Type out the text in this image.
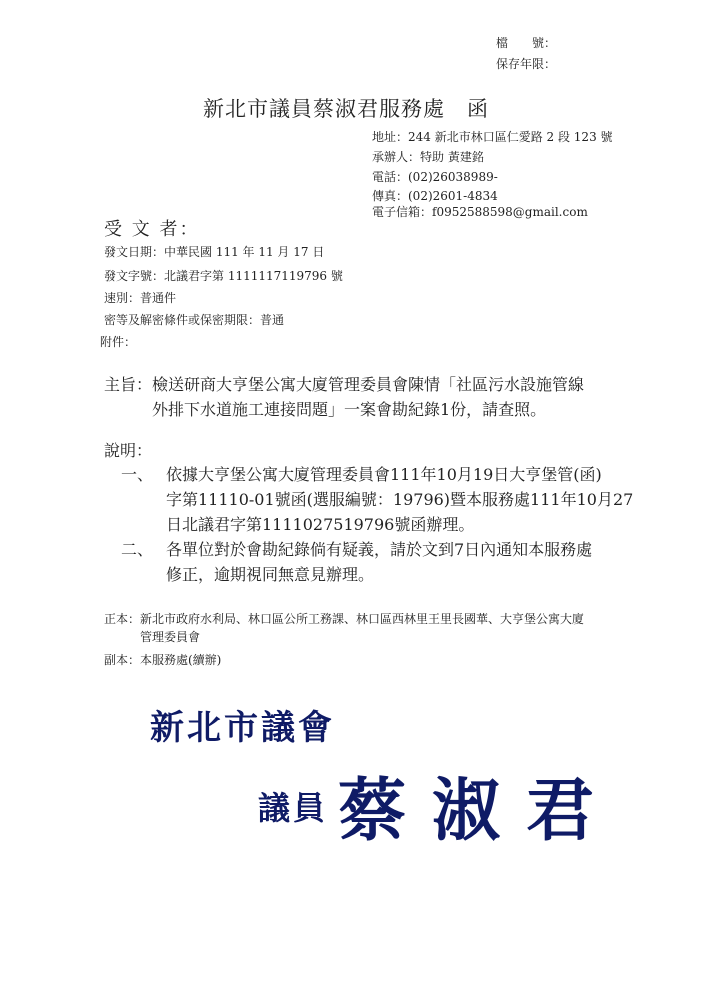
檔　　號：
保存年限：
新北市議員蔡淑君服務處　函
地址：244 新北市林口區仁愛路 2 段 123 號
承辦人：特助 黃建銘
電話：(02)26038989-
傳真：(02)2601-4834
電子信箱：f0952588598@gmail.com
受 文 者：
發文日期：中華民國 111 年 11 月 17 日
發文字號：北議君字第 1111117119796 號
速別：普通件
密等及解密條件或保密期限：普通
附件：
主旨：檢送研商大亨堡公寓大廈管理委員會陳情「社區污水設施管線
外排下水道施工連接問題」一案會勘紀錄1份，請查照。
說明：
一、 依據大亨堡公寓大廈管理委員會111年10月19日大亨堡管(函)
字第11110-01號函(選服編號：19796)暨本服務處111年10月27
日北議君字第1111027519796號函辦理。
二、 各單位對於會勘紀錄倘有疑義，請於文到7日內通知本服務處
修正，逾期視同無意見辦理。
正本：新北市政府水利局、林口區公所工務課、林口區西林里王里長國華、大亨堡公寓大廈
管理委員會
副本：本服務處(續辦)
新北市議會
議員 蔡淑君
